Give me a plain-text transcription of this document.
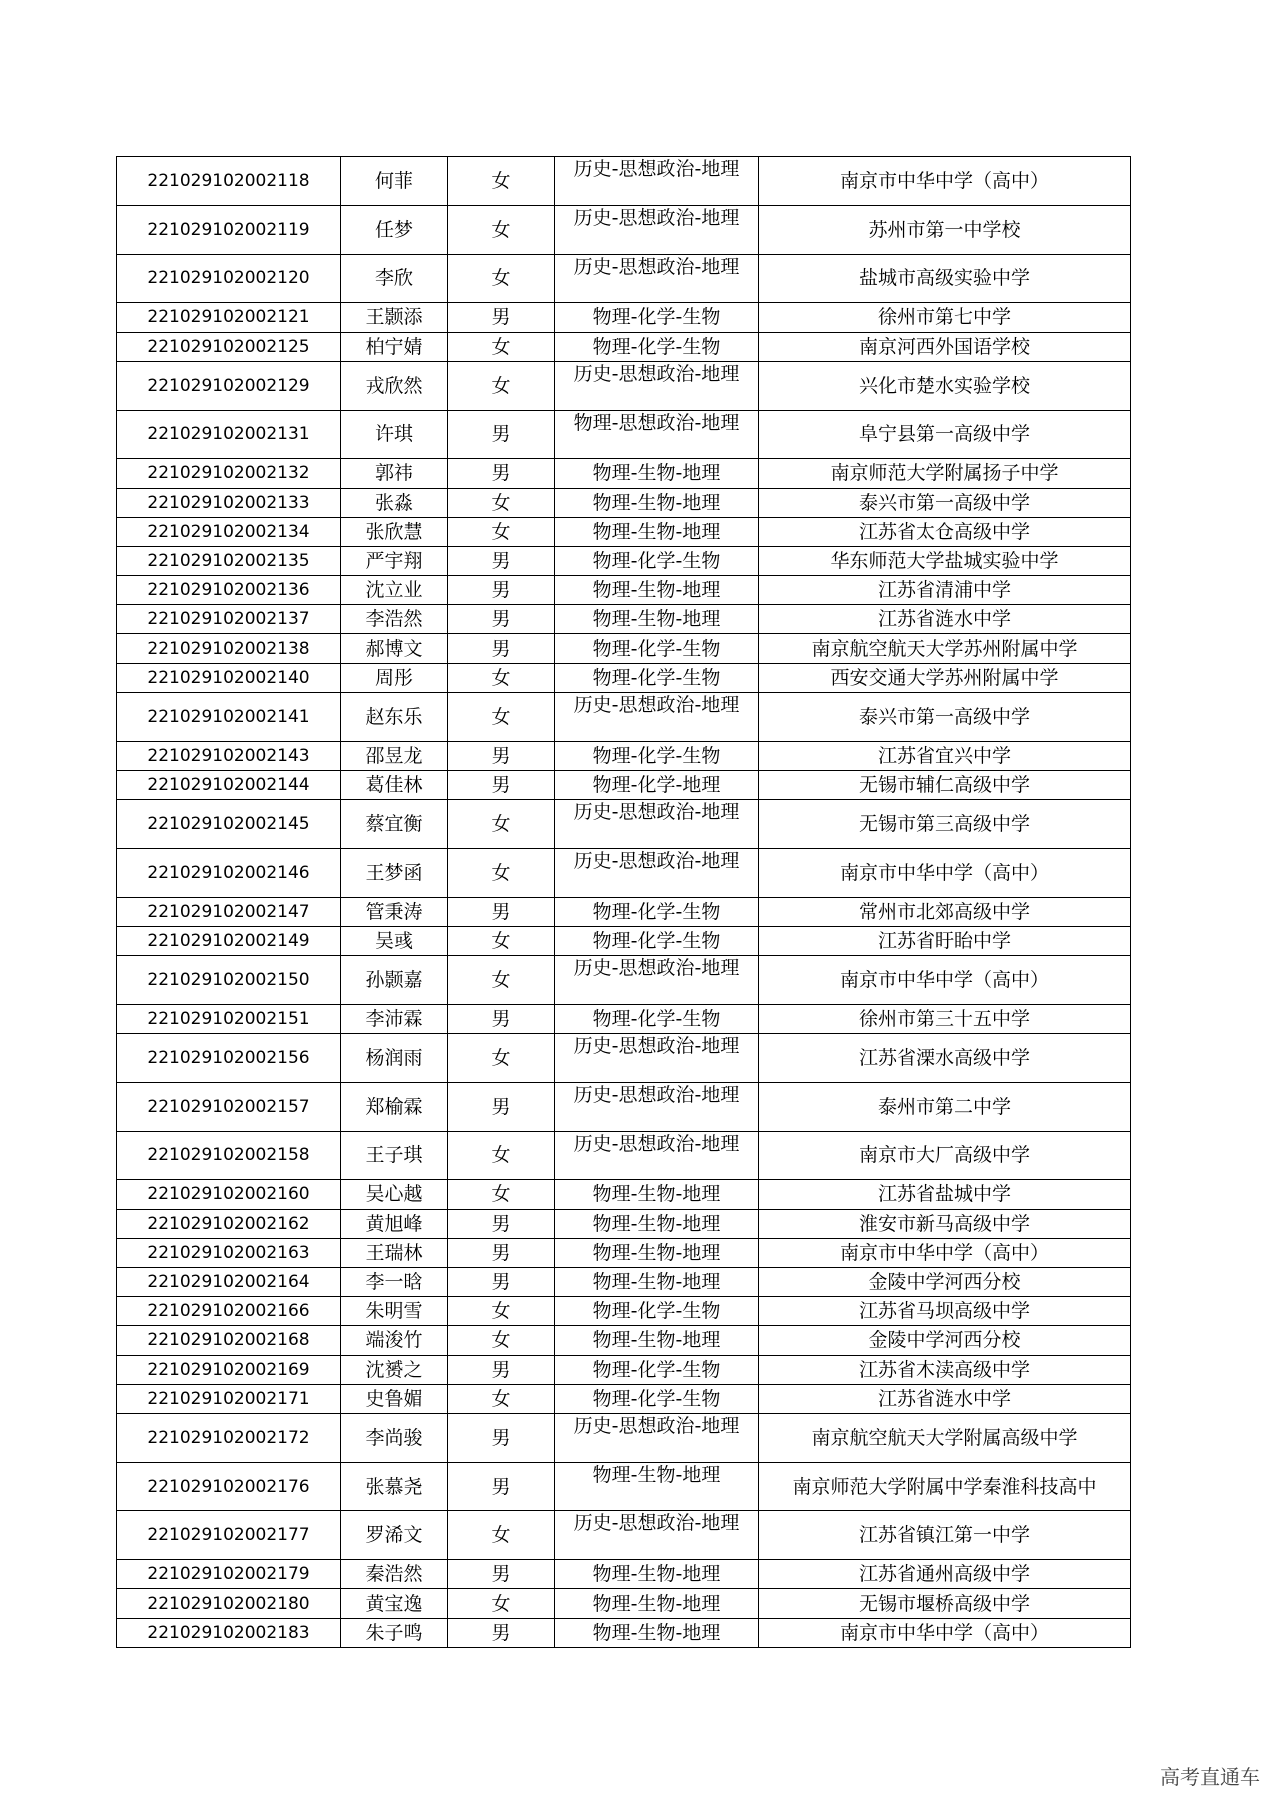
221029102002118	何菲	女	历史-思想政治-地理	南京市中华中学（高中）
221029102002119	任梦	女	历史-思想政治-地理	苏州市第一中学校
221029102002120	李欣	女	历史-思想政治-地理	盐城市高级实验中学
221029102002121	王颢添	男	物理-化学-生物	徐州市第七中学
221029102002125	柏宁婧	女	物理-化学-生物	南京河西外国语学校
221029102002129	戎欣然	女	历史-思想政治-地理	兴化市楚水实验学校
221029102002131	许琪	男	物理-思想政治-地理	阜宁县第一高级中学
221029102002132	郭祎	男	物理-生物-地理	南京师范大学附属扬子中学
221029102002133	张淼	女	物理-生物-地理	泰兴市第一高级中学
221029102002134	张欣慧	女	物理-生物-地理	江苏省太仓高级中学
221029102002135	严宇翔	男	物理-化学-生物	华东师范大学盐城实验中学
221029102002136	沈立业	男	物理-生物-地理	江苏省清浦中学
221029102002137	李浩然	男	物理-生物-地理	江苏省涟水中学
221029102002138	郝博文	男	物理-化学-生物	南京航空航天大学苏州附属中学
221029102002140	周彤	女	物理-化学-生物	西安交通大学苏州附属中学
221029102002141	赵东乐	女	历史-思想政治-地理	泰兴市第一高级中学
221029102002143	邵昱龙	男	物理-化学-生物	江苏省宜兴中学
221029102002144	葛佳林	男	物理-化学-地理	无锡市辅仁高级中学
221029102002145	蔡宜衡	女	历史-思想政治-地理	无锡市第三高级中学
221029102002146	王梦函	女	历史-思想政治-地理	南京市中华中学（高中）
221029102002147	管秉涛	男	物理-化学-生物	常州市北郊高级中学
221029102002149	吴彧	女	物理-化学-生物	江苏省盱眙中学
221029102002150	孙颢嘉	女	历史-思想政治-地理	南京市中华中学（高中）
221029102002151	李沛霖	男	物理-化学-生物	徐州市第三十五中学
221029102002156	杨润雨	女	历史-思想政治-地理	江苏省溧水高级中学
221029102002157	郑榆霖	男	历史-思想政治-地理	泰州市第二中学
221029102002158	王子琪	女	历史-思想政治-地理	南京市大厂高级中学
221029102002160	吴心越	女	物理-生物-地理	江苏省盐城中学
221029102002162	黄旭峰	男	物理-生物-地理	淮安市新马高级中学
221029102002163	王瑞林	男	物理-生物-地理	南京市中华中学（高中）
221029102002164	李一晗	男	物理-生物-地理	金陵中学河西分校
221029102002166	朱明雪	女	物理-化学-生物	江苏省马坝高级中学
221029102002168	端浚竹	女	物理-生物-地理	金陵中学河西分校
221029102002169	沈赟之	男	物理-化学-生物	江苏省木渎高级中学
221029102002171	史鲁媚	女	物理-化学-生物	江苏省涟水中学
221029102002172	李尚骏	男	历史-思想政治-地理	南京航空航天大学附属高级中学
221029102002176	张慕尧	男	物理-生物-地理	南京师范大学附属中学秦淮科技高中
221029102002177	罗浠文	女	历史-思想政治-地理	江苏省镇江第一中学
221029102002179	秦浩然	男	物理-生物-地理	江苏省通州高级中学
221029102002180	黄宝逸	女	物理-生物-地理	无锡市堰桥高级中学
221029102002183	朱子鸣	男	物理-生物-地理	南京市中华中学（高中）
高考直通车
